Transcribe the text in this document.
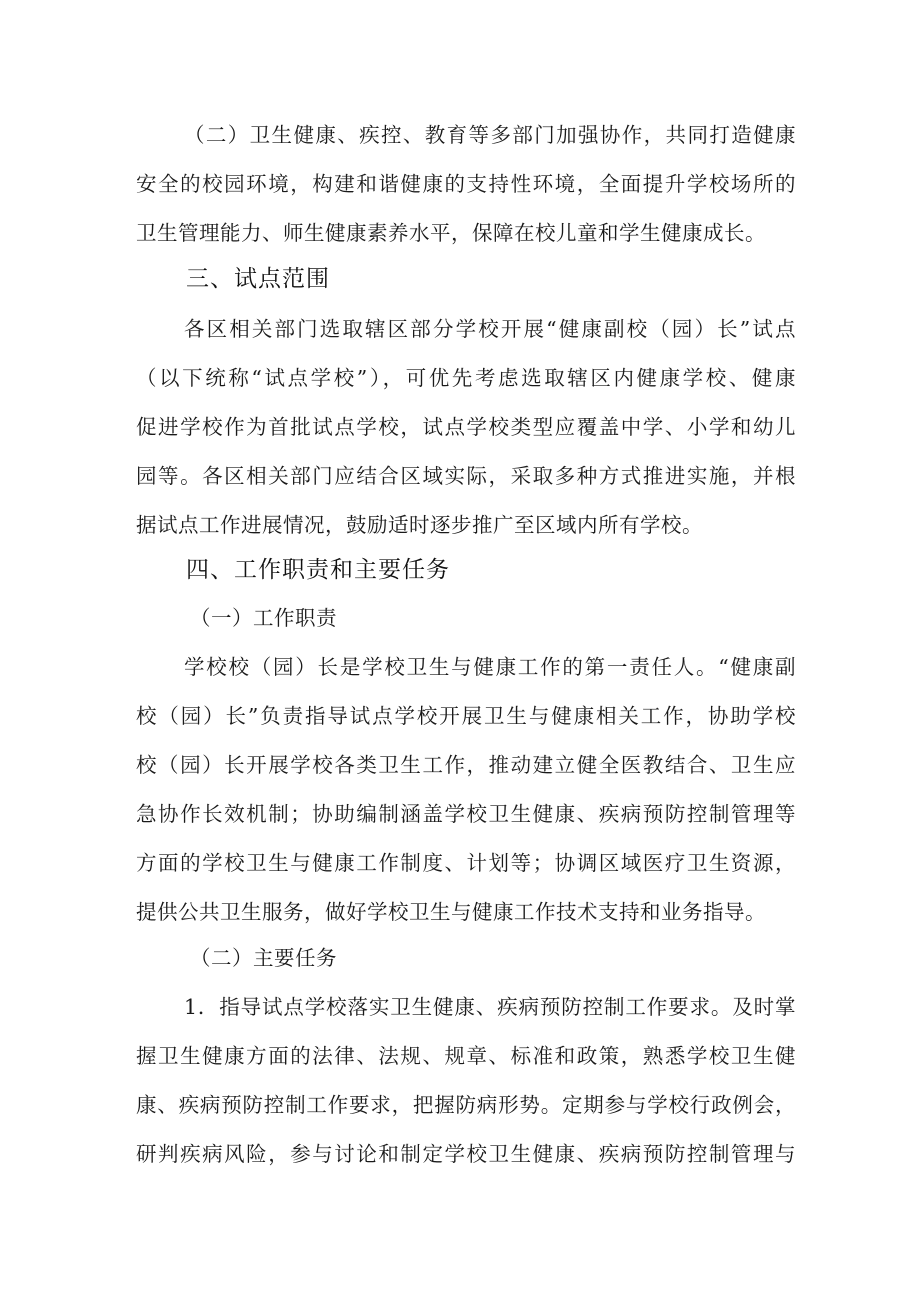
（二）卫生健康、疾控、教育等多部门加强协作，共同打造健康
安全的校园环境，构建和谐健康的支持性环境，全面提升学校场所的
卫生管理能力、师生健康素养水平，保障在校儿童和学生健康成长。
三、试点范围
各区相关部门选取辖区部分学校开展“健康副校（园）长”试点
（以下统称“试点学校”），可优先考虑选取辖区内健康学校、健康
促进学校作为首批试点学校，试点学校类型应覆盖中学、小学和幼儿
园等。各区相关部门应结合区域实际，采取多种方式推进实施，并根
据试点工作进展情况，鼓励适时逐步推广至区域内所有学校。
四、工作职责和主要任务
（一）工作职责
学校校（园）长是学校卫生与健康工作的第一责任人。“健康副
校（园）长”负责指导试点学校开展卫生与健康相关工作，协助学校
校（园）长开展学校各类卫生工作，推动建立健全医教结合、卫生应
急协作长效机制；协助编制涵盖学校卫生健康、疾病预防控制管理等
方面的学校卫生与健康工作制度、计划等；协调区域医疗卫生资源，
提供公共卫生服务，做好学校卫生与健康工作技术支持和业务指导。
（二）主要任务
1．指导试点学校落实卫生健康、疾病预防控制工作要求。及时掌
握卫生健康方面的法律、法规、规章、标准和政策，熟悉学校卫生健
康、疾病预防控制工作要求，把握防病形势。定期参与学校行政例会，
研判疾病风险，参与讨论和制定学校卫生健康、疾病预防控制管理与
